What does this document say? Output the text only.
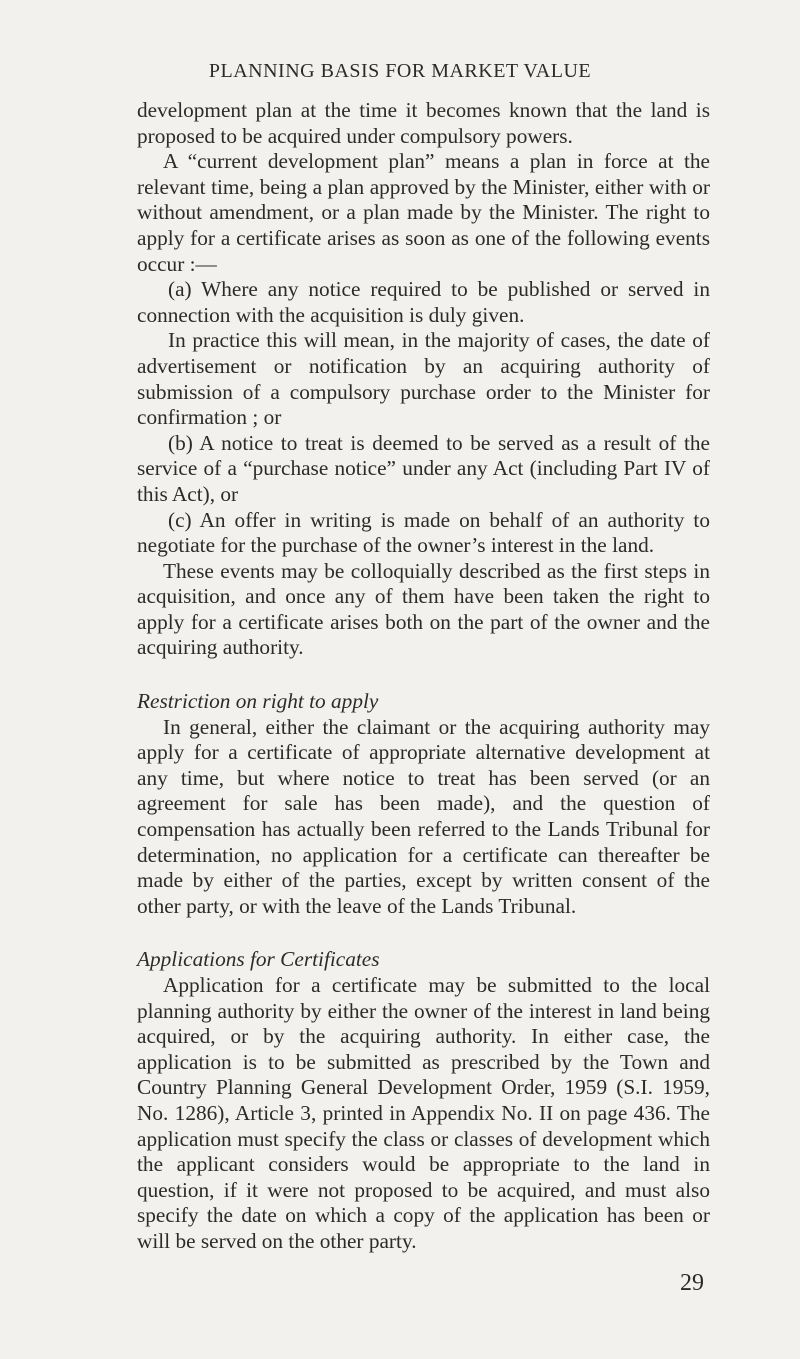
PLANNING BASIS FOR MARKET VALUE

development plan at the time it becomes known that the land is proposed to be acquired under compulsory powers.

A “current development plan” means a plan in force at the relevant time, being a plan approved by the Minister, either with or without amendment, or a plan made by the Minister. The right to apply for a certificate arises as soon as one of the following events occur :—

(a) Where any notice required to be published or served in connection with the acquisition is duly given.

In practice this will mean, in the majority of cases, the date of advertisement or notification by an acquiring authority of submission of a compulsory purchase order to the Minister for confirmation ; or

(b) A notice to treat is deemed to be served as a result of the service of a “purchase notice” under any Act (including Part IV of this Act), or

(c) An offer in writing is made on behalf of an authority to negotiate for the purchase of the owner’s interest in the land.

These events may be colloquially described as the first steps in acquisition, and once any of them have been taken the right to apply for a certificate arises both on the part of the owner and the acquiring authority.

Restriction on right to apply

In general, either the claimant or the acquiring authority may apply for a certificate of appropriate alternative development at any time, but where notice to treat has been served (or an agreement for sale has been made), and the question of compensation has actually been referred to the Lands Tribunal for determination, no application for a certificate can thereafter be made by either of the parties, except by written consent of the other party, or with the leave of the Lands Tribunal.

Applications for Certificates

Application for a certificate may be submitted to the local planning authority by either the owner of the interest in land being acquired, or by the acquiring authority. In either case, the application is to be submitted as prescribed by the Town and Country Planning General Development Order, 1959 (S.I. 1959, No. 1286), Article 3, printed in Appendix No. II on page 436. The application must specify the class or classes of development which the applicant considers would be appropriate to the land in question, if it were not proposed to be acquired, and must also specify the date on which a copy of the application has been or will be served on the other party.

29
